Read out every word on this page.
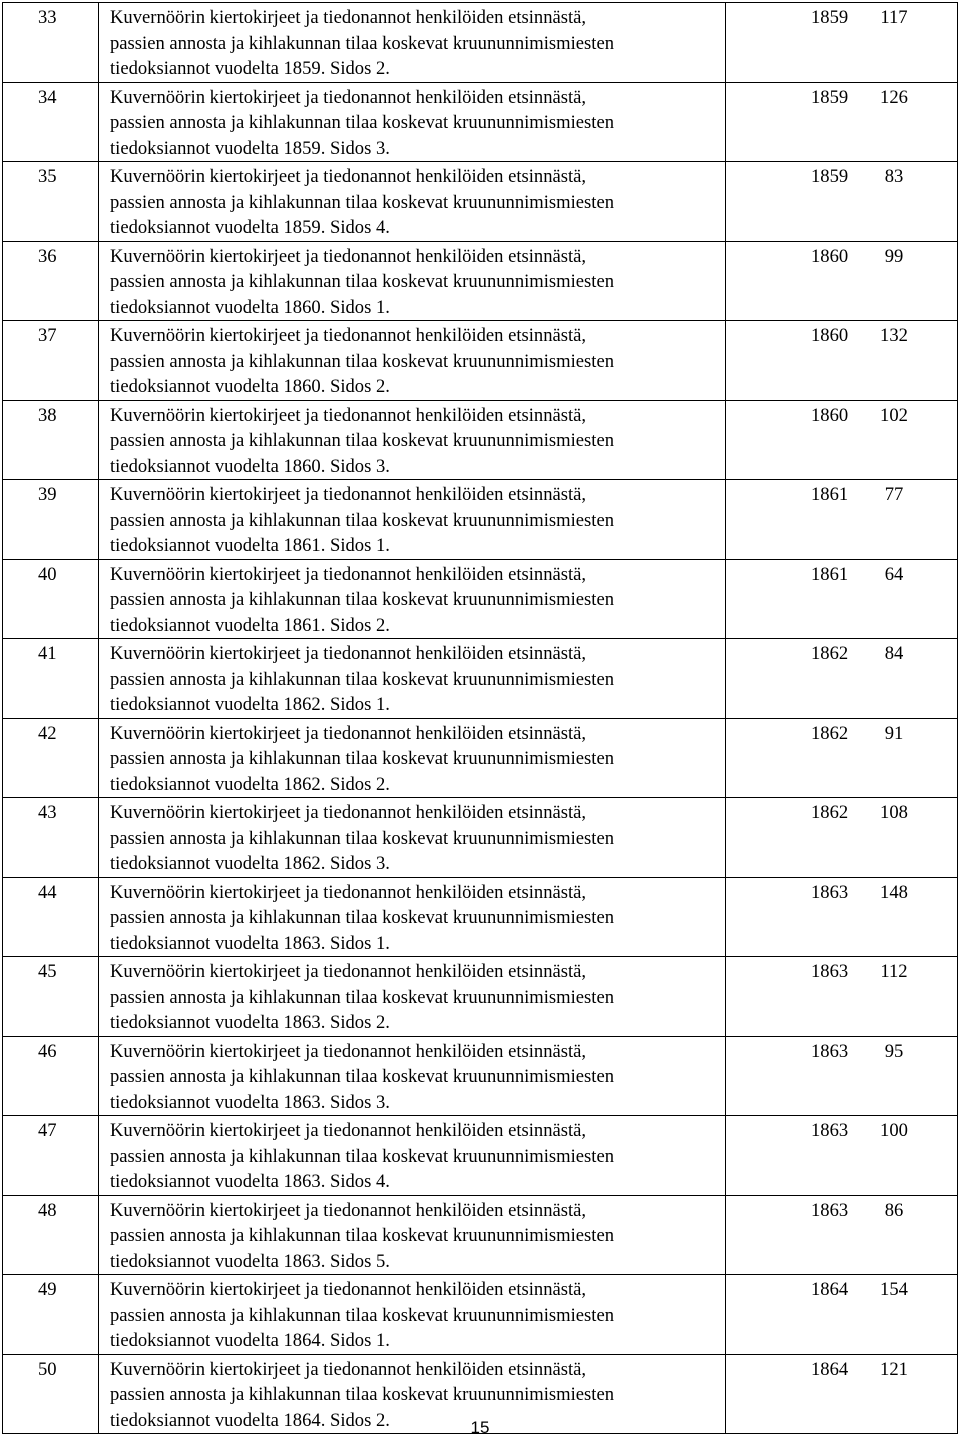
33	Kuvernöörin kiertokirjeet ja tiedonannot henkilöiden etsinnästä,
passien annosta ja kihlakunnan tilaa koskevat kruununnimismiesten
tiedoksiannot vuodelta 1859. Sidos 2.	1859 117
34	Kuvernöörin kiertokirjeet ja tiedonannot henkilöiden etsinnästä,
passien annosta ja kihlakunnan tilaa koskevat kruununnimismiesten
tiedoksiannot vuodelta 1859. Sidos 3.	1859 126
35	Kuvernöörin kiertokirjeet ja tiedonannot henkilöiden etsinnästä,
passien annosta ja kihlakunnan tilaa koskevat kruununnimismiesten
tiedoksiannot vuodelta 1859. Sidos 4.	1859 83
36	Kuvernöörin kiertokirjeet ja tiedonannot henkilöiden etsinnästä,
passien annosta ja kihlakunnan tilaa koskevat kruununnimismiesten
tiedoksiannot vuodelta 1860. Sidos 1.	1860 99
37	Kuvernöörin kiertokirjeet ja tiedonannot henkilöiden etsinnästä,
passien annosta ja kihlakunnan tilaa koskevat kruununnimismiesten
tiedoksiannot vuodelta 1860. Sidos 2.	1860 132
38	Kuvernöörin kiertokirjeet ja tiedonannot henkilöiden etsinnästä,
passien annosta ja kihlakunnan tilaa koskevat kruununnimismiesten
tiedoksiannot vuodelta 1860. Sidos 3.	1860 102
39	Kuvernöörin kiertokirjeet ja tiedonannot henkilöiden etsinnästä,
passien annosta ja kihlakunnan tilaa koskevat kruununnimismiesten
tiedoksiannot vuodelta 1861. Sidos 1.	1861 77
40	Kuvernöörin kiertokirjeet ja tiedonannot henkilöiden etsinnästä,
passien annosta ja kihlakunnan tilaa koskevat kruununnimismiesten
tiedoksiannot vuodelta 1861. Sidos 2.	1861 64
41	Kuvernöörin kiertokirjeet ja tiedonannot henkilöiden etsinnästä,
passien annosta ja kihlakunnan tilaa koskevat kruununnimismiesten
tiedoksiannot vuodelta 1862. Sidos 1.	1862 84
42	Kuvernöörin kiertokirjeet ja tiedonannot henkilöiden etsinnästä,
passien annosta ja kihlakunnan tilaa koskevat kruununnimismiesten
tiedoksiannot vuodelta 1862. Sidos 2.	1862 91
43	Kuvernöörin kiertokirjeet ja tiedonannot henkilöiden etsinnästä,
passien annosta ja kihlakunnan tilaa koskevat kruununnimismiesten
tiedoksiannot vuodelta 1862. Sidos 3.	1862 108
44	Kuvernöörin kiertokirjeet ja tiedonannot henkilöiden etsinnästä,
passien annosta ja kihlakunnan tilaa koskevat kruununnimismiesten
tiedoksiannot vuodelta 1863. Sidos 1.	1863 148
45	Kuvernöörin kiertokirjeet ja tiedonannot henkilöiden etsinnästä,
passien annosta ja kihlakunnan tilaa koskevat kruununnimismiesten
tiedoksiannot vuodelta 1863. Sidos 2.	1863 112
46	Kuvernöörin kiertokirjeet ja tiedonannot henkilöiden etsinnästä,
passien annosta ja kihlakunnan tilaa koskevat kruununnimismiesten
tiedoksiannot vuodelta 1863. Sidos 3.	1863 95
47	Kuvernöörin kiertokirjeet ja tiedonannot henkilöiden etsinnästä,
passien annosta ja kihlakunnan tilaa koskevat kruununnimismiesten
tiedoksiannot vuodelta 1863. Sidos 4.	1863 100
48	Kuvernöörin kiertokirjeet ja tiedonannot henkilöiden etsinnästä,
passien annosta ja kihlakunnan tilaa koskevat kruununnimismiesten
tiedoksiannot vuodelta 1863. Sidos 5.	1863 86
49	Kuvernöörin kiertokirjeet ja tiedonannot henkilöiden etsinnästä,
passien annosta ja kihlakunnan tilaa koskevat kruununnimismiesten
tiedoksiannot vuodelta 1864. Sidos 1.	1864 154
50	Kuvernöörin kiertokirjeet ja tiedonannot henkilöiden etsinnästä,
passien annosta ja kihlakunnan tilaa koskevat kruununnimismiesten
tiedoksiannot vuodelta 1864. Sidos 2.	1864 121
15
